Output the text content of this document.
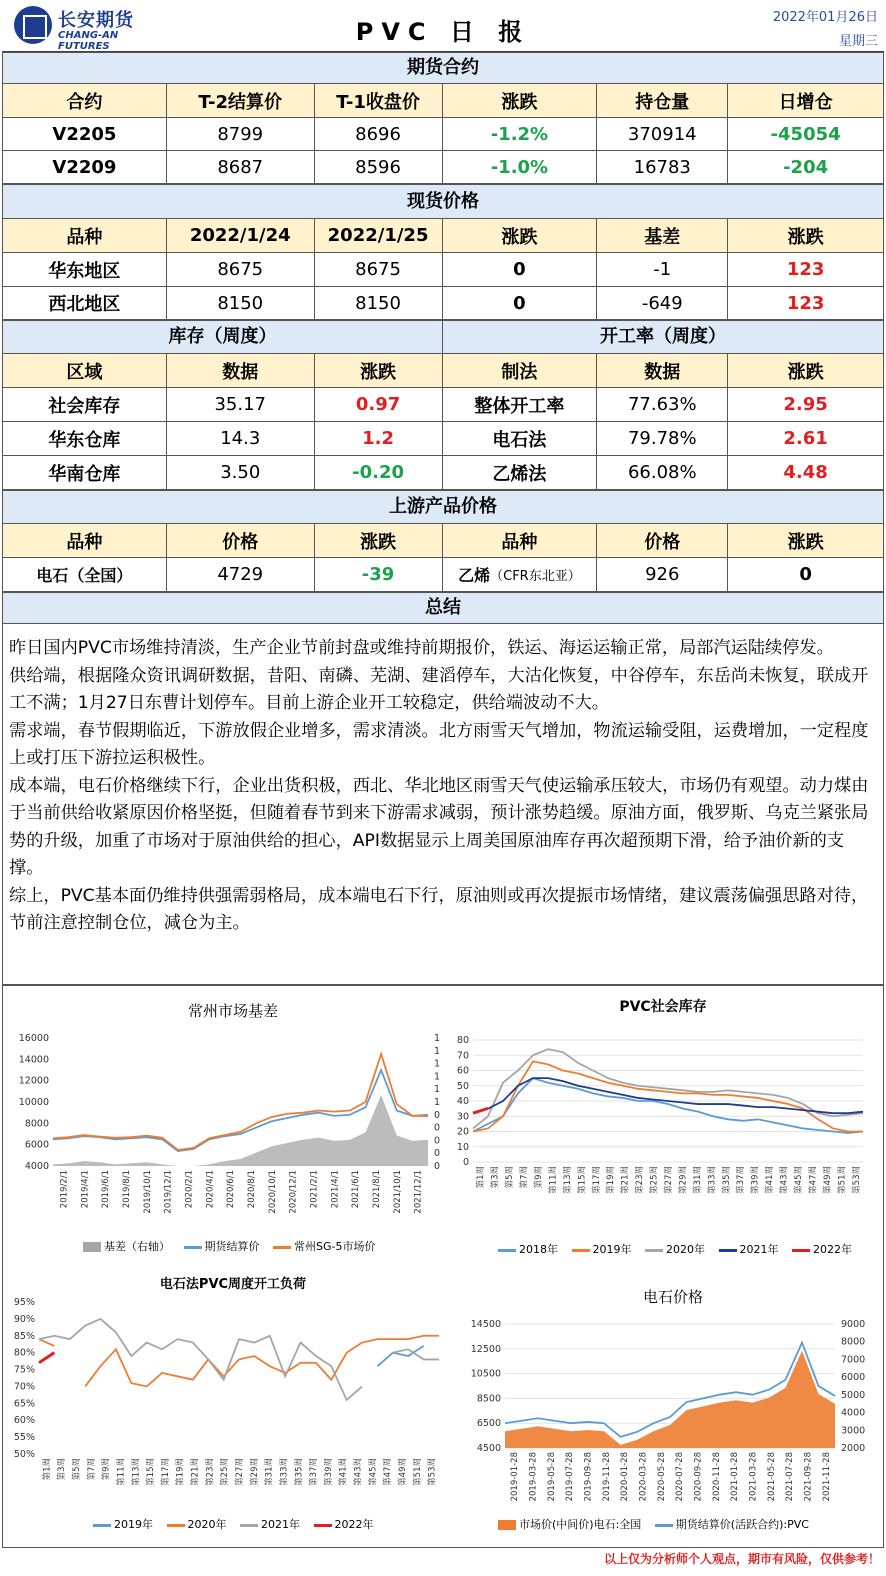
长安期货
CHANG-AN FUTURES
PVC 日 报
2022年01月26日
星期三
期货合约
合约	T-2结算价	T-1收盘价	涨跌	持仓量	日增仓
V2205	8799	8696	-1.2%	370914	-45054
V2209	8687	8596	-1.0%	16783	-204
现货价格
品种	2022/1/24	2022/1/25	涨跌	基差	涨跌
华东地区	8675	8675	0	-1	123
西北地区	8150	8150	0	-649	123
库存（周度）	开工率（周度）
区域	数据	涨跌	制法	数据	涨跌
社会库存	35.17	0.97	整体开工率	77.63%	2.95
华东仓库	14.3	1.2	电石法	79.78%	2.61
华南仓库	3.50	-0.20	乙烯法	66.08%	4.48
上游产品价格
品种	价格	涨跌	品种	价格	涨跌
电石（全国）	4729	-39	乙烯 （CFR东北亚）	926	0
总结

昨日国内PVC市场维持清淡，生产企业节前封盘或维持前期报价，铁运、海运运输正常，局部汽运陆续停发。

供给端，根据隆众资讯调研数据，昔阳、南磷、芜湖、建滔停车，大沽化恢复，中谷停车，东岳尚未恢复，联成开工不满；1月27日东曹计划停车。目前上游企业开工较稳定，供给端波动不大。

需求端，春节假期临近，下游放假企业增多，需求清淡。北方雨雪天气增加，物流运输受阻，运费增加，一定程度上或打压下游拉运积极性。

成本端，电石价格继续下行，企业出货积极，西北、华北地区雨雪天气使运输承压较大，市场仍有观望。动力煤由于当前供给收紧原因价格坚挺，但随着春节到来下游需求减弱，预计涨势趋缓。原油方面，俄罗斯、乌克兰紧张局势的升级，加重了市场对于原油供给的担心，API数据显示上周美国原油库存再次超预期下滑，给予油价新的支撑。

综上，PVC基本面仍维持供强需弱格局，成本端电石下行，原油则或再次提振市场情绪，建议震荡偏强思路对待，节前注意控制仓位，减仓为主。

常州市场基差
16000
14000
12000
10000
8000
6000
4000
1
1
1
1
1
1
0
0
0
0
0
2019/2/1 2019/4/1 2019/6/1 2019/8/1 2019/10/1 2019/12/1 2020/2/1 2020/4/1 2020/6/1 2020/8/1 2020/10/1 2020/12/1 2021/2/1 2021/4/1 2021/6/1 2021/8/1 2021/10/1 2021/12/1
基差（右轴）	期货结算价	常州SG-5市场价
PVC社会库存
80
70
60
50
40
30
20
10
0
第1周 第3周 第5周 第7周 第9周 第11周 第13周 第15周 第17周 第19周 第21周 第23周 第25周 第27周 第29周 第31周 第33周 第35周 第37周 第39周 第41周 第43周 第45周 第47周 第49周 第51周 第53周
2018年	2019年	2020年	2021年	2022年
电石法PVC周度开工负荷
95%
90%
85%
80%
75%
70%
65%
60%
55%
50%
第1周 第3周 第5周 第7周 第9周 第11周 第13周 第15周 第17周 第19周 第21周 第23周 第25周 第27周 第29周 第31周 第33周 第35周 第37周 第39周 第41周 第43周 第45周 第47周 第49周 第51周 第53周
2019年	2020年	2021年	2022年
电石价格
14500
12500
10500
8500
6500
4500
9000
8000
7000
6000
5000
4000
3000
2000
2019-01-28 2019-03-28 2019-05-28 2019-07-28 2019-09-28 2019-11-28 2020-01-28 2020-03-28 2020-05-28 2020-07-28 2020-09-28 2020-11-28 2021-01-28 2021-03-28 2021-05-28 2021-07-28 2021-09-28 2021-11-28
市场价(中间价)电石:全国	期货结算价(活跃合约):PVC
以上仅为分析师个人观点，期市有风险，仅供参考！
